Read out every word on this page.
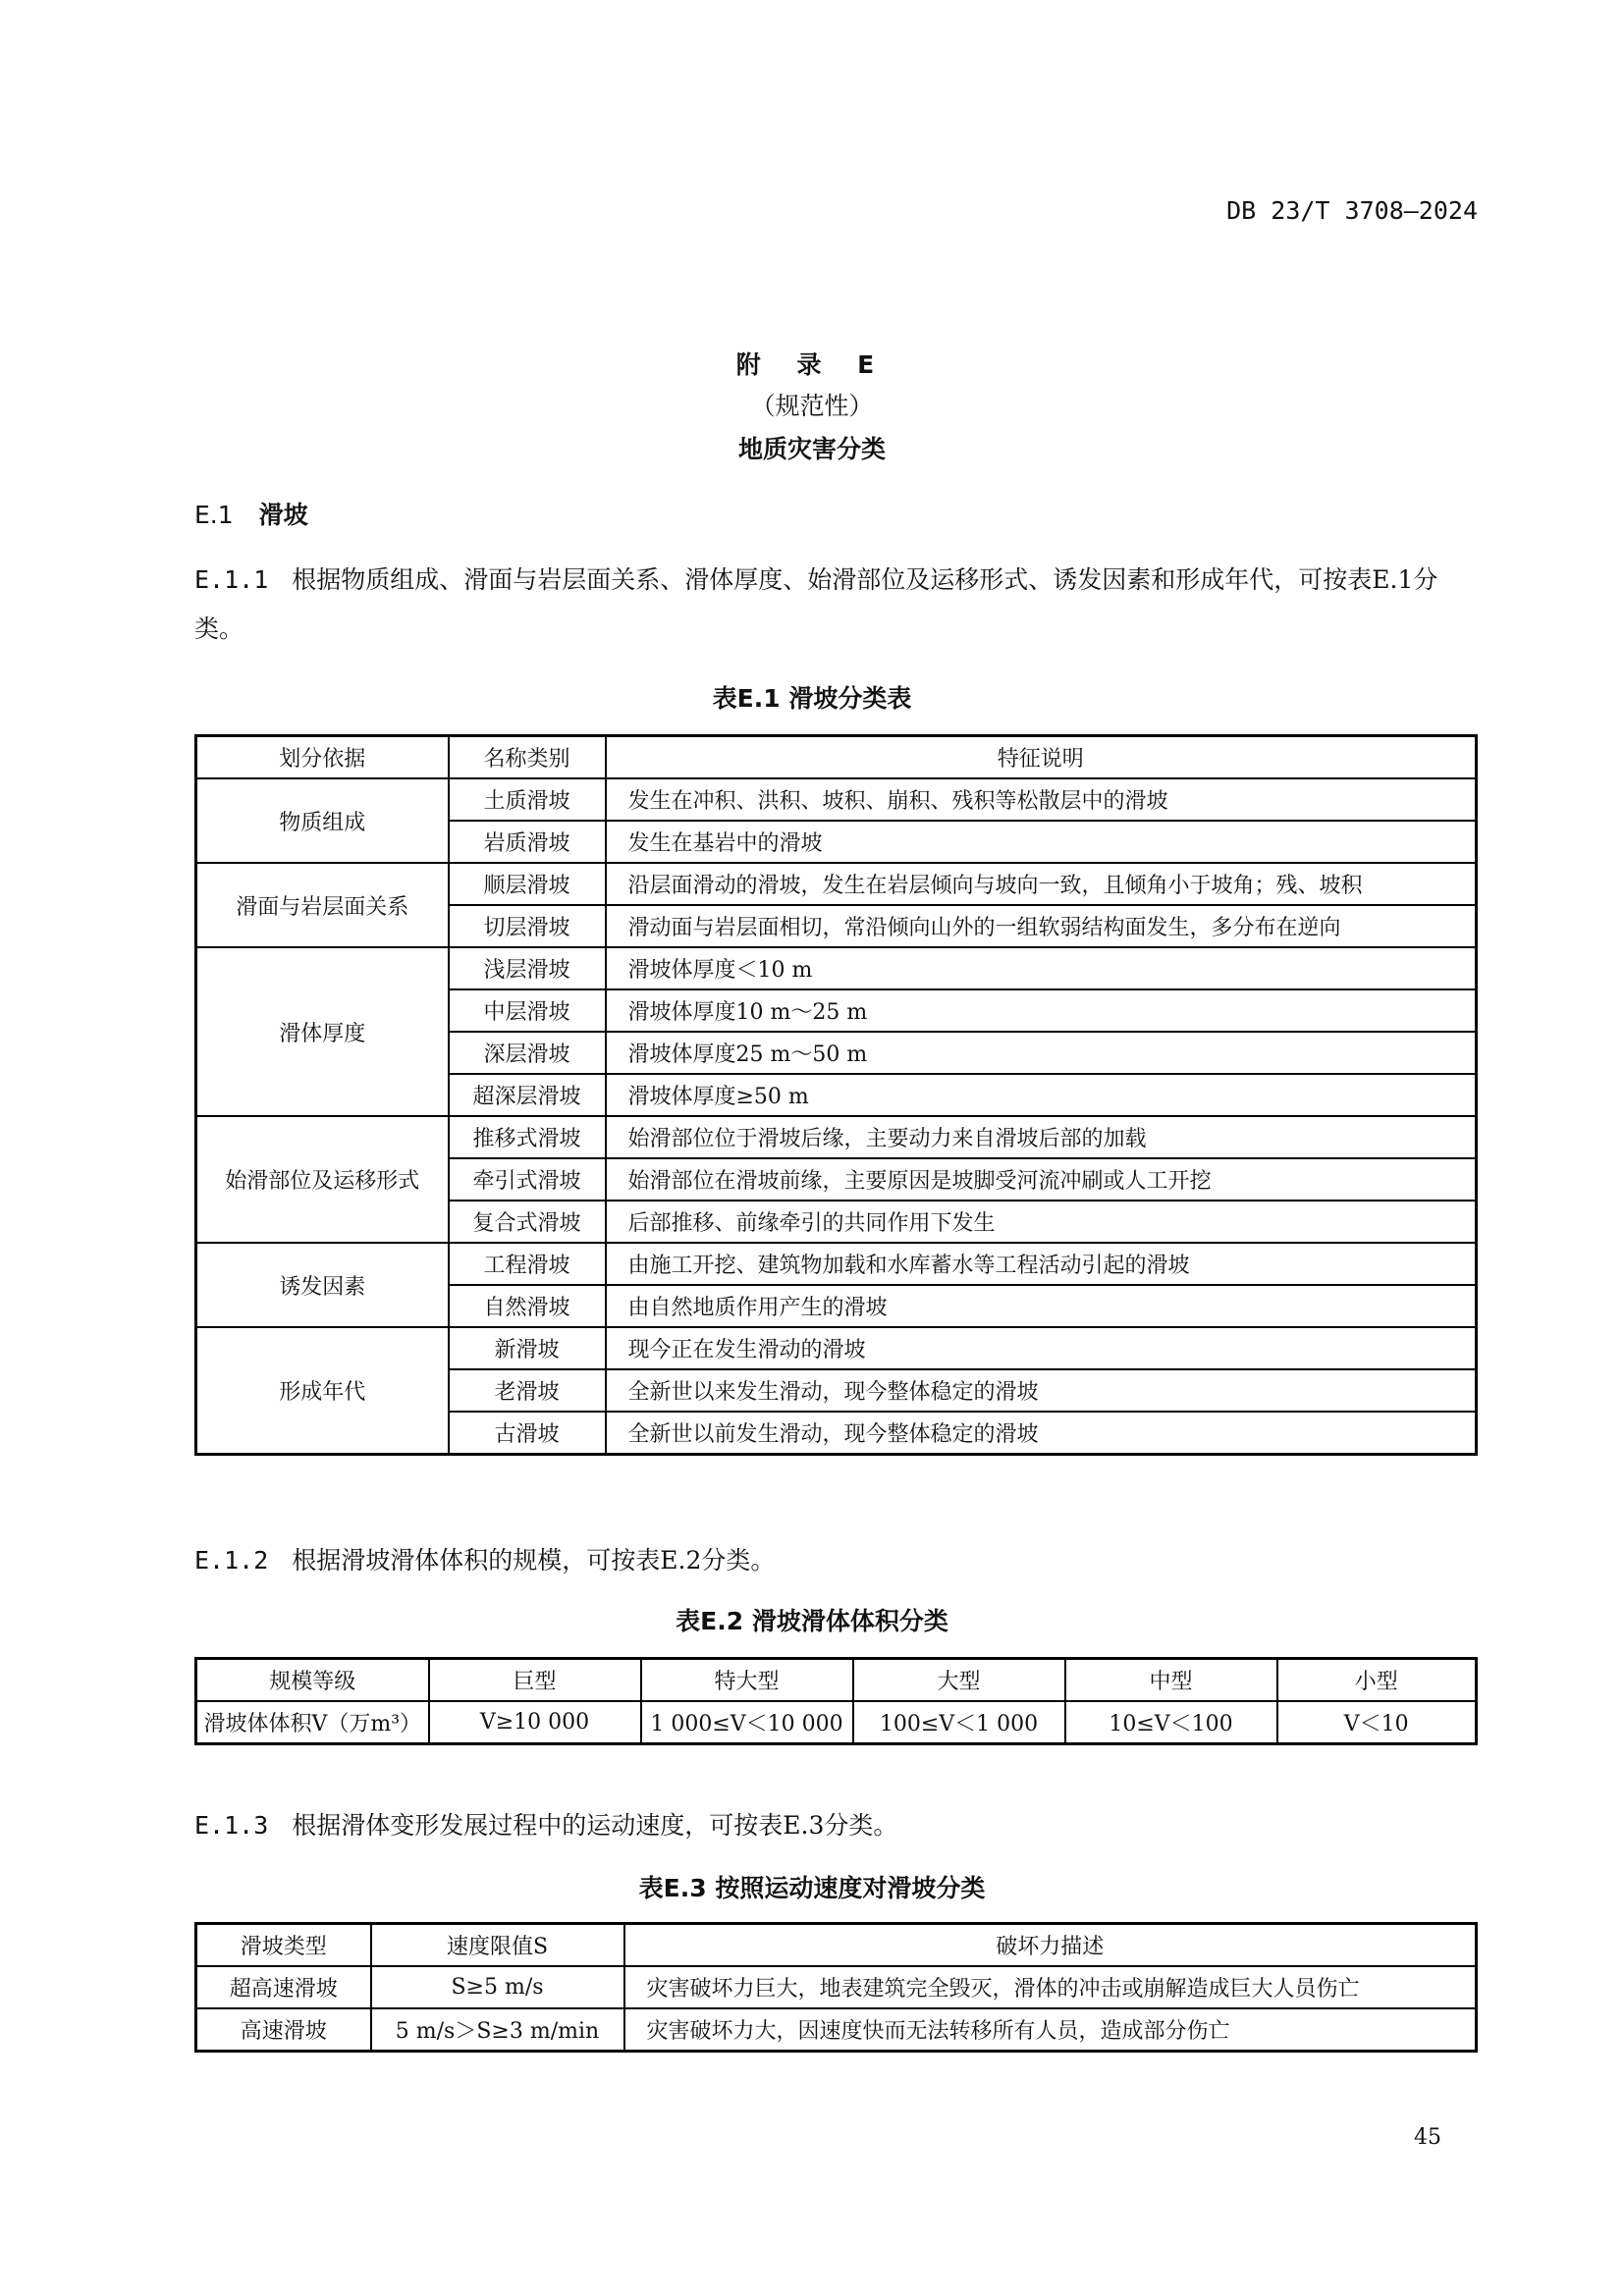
DB 23/T 3708—2024
附 录 E
（规范性）
地质灾害分类
E.1 滑坡
E.1.1 根据物质组成、滑面与岩层面关系、滑体厚度、始滑部位及运移形式、诱发因素和形成年代，可按表E.1分类。
表E.1 滑坡分类表
划分依据	名称类别	特征说明
物质组成	土质滑坡	发生在冲积、洪积、坡积、崩积、残积等松散层中的滑坡
	岩质滑坡	发生在基岩中的滑坡
滑面与岩层面关系	顺层滑坡	沿层面滑动的滑坡，发生在岩层倾向与坡向一致，且倾角小于坡角；残、坡积
	切层滑坡	滑动面与岩层面相切，常沿倾向山外的一组软弱结构面发生，多分布在逆向
滑体厚度	浅层滑坡	滑坡体厚度＜10 m
	中层滑坡	滑坡体厚度10 m～25 m
	深层滑坡	滑坡体厚度25 m～50 m
	超深层滑坡	滑坡体厚度≥50 m
始滑部位及运移形式	推移式滑坡	始滑部位位于滑坡后缘，主要动力来自滑坡后部的加载
	牵引式滑坡	始滑部位在滑坡前缘，主要原因是坡脚受河流冲刷或人工开挖
	复合式滑坡	后部推移、前缘牵引的共同作用下发生
诱发因素	工程滑坡	由施工开挖、建筑物加载和水库蓄水等工程活动引起的滑坡
	自然滑坡	由自然地质作用产生的滑坡
形成年代	新滑坡	现今正在发生滑动的滑坡
	老滑坡	全新世以来发生滑动，现今整体稳定的滑坡
	古滑坡	全新世以前发生滑动，现今整体稳定的滑坡
E.1.2 根据滑坡滑体体积的规模，可按表E.2分类。
表E.2 滑坡滑体体积分类
规模等级	巨型	特大型	大型	中型	小型
滑坡体体积V（万m³）	V≥10 000	1 000≤V＜10 000	100≤V＜1 000	10≤V＜100	V＜10
E.1.3 根据滑体变形发展过程中的运动速度，可按表E.3分类。
表E.3 按照运动速度对滑坡分类
滑坡类型	速度限值S	破坏力描述
超高速滑坡	S≥5 m/s	灾害破坏力巨大，地表建筑完全毁灭，滑体的冲击或崩解造成巨大人员伤亡
高速滑坡	5 m/s＞S≥3 m/min	灾害破坏力大，因速度快而无法转移所有人员，造成部分伤亡
45
